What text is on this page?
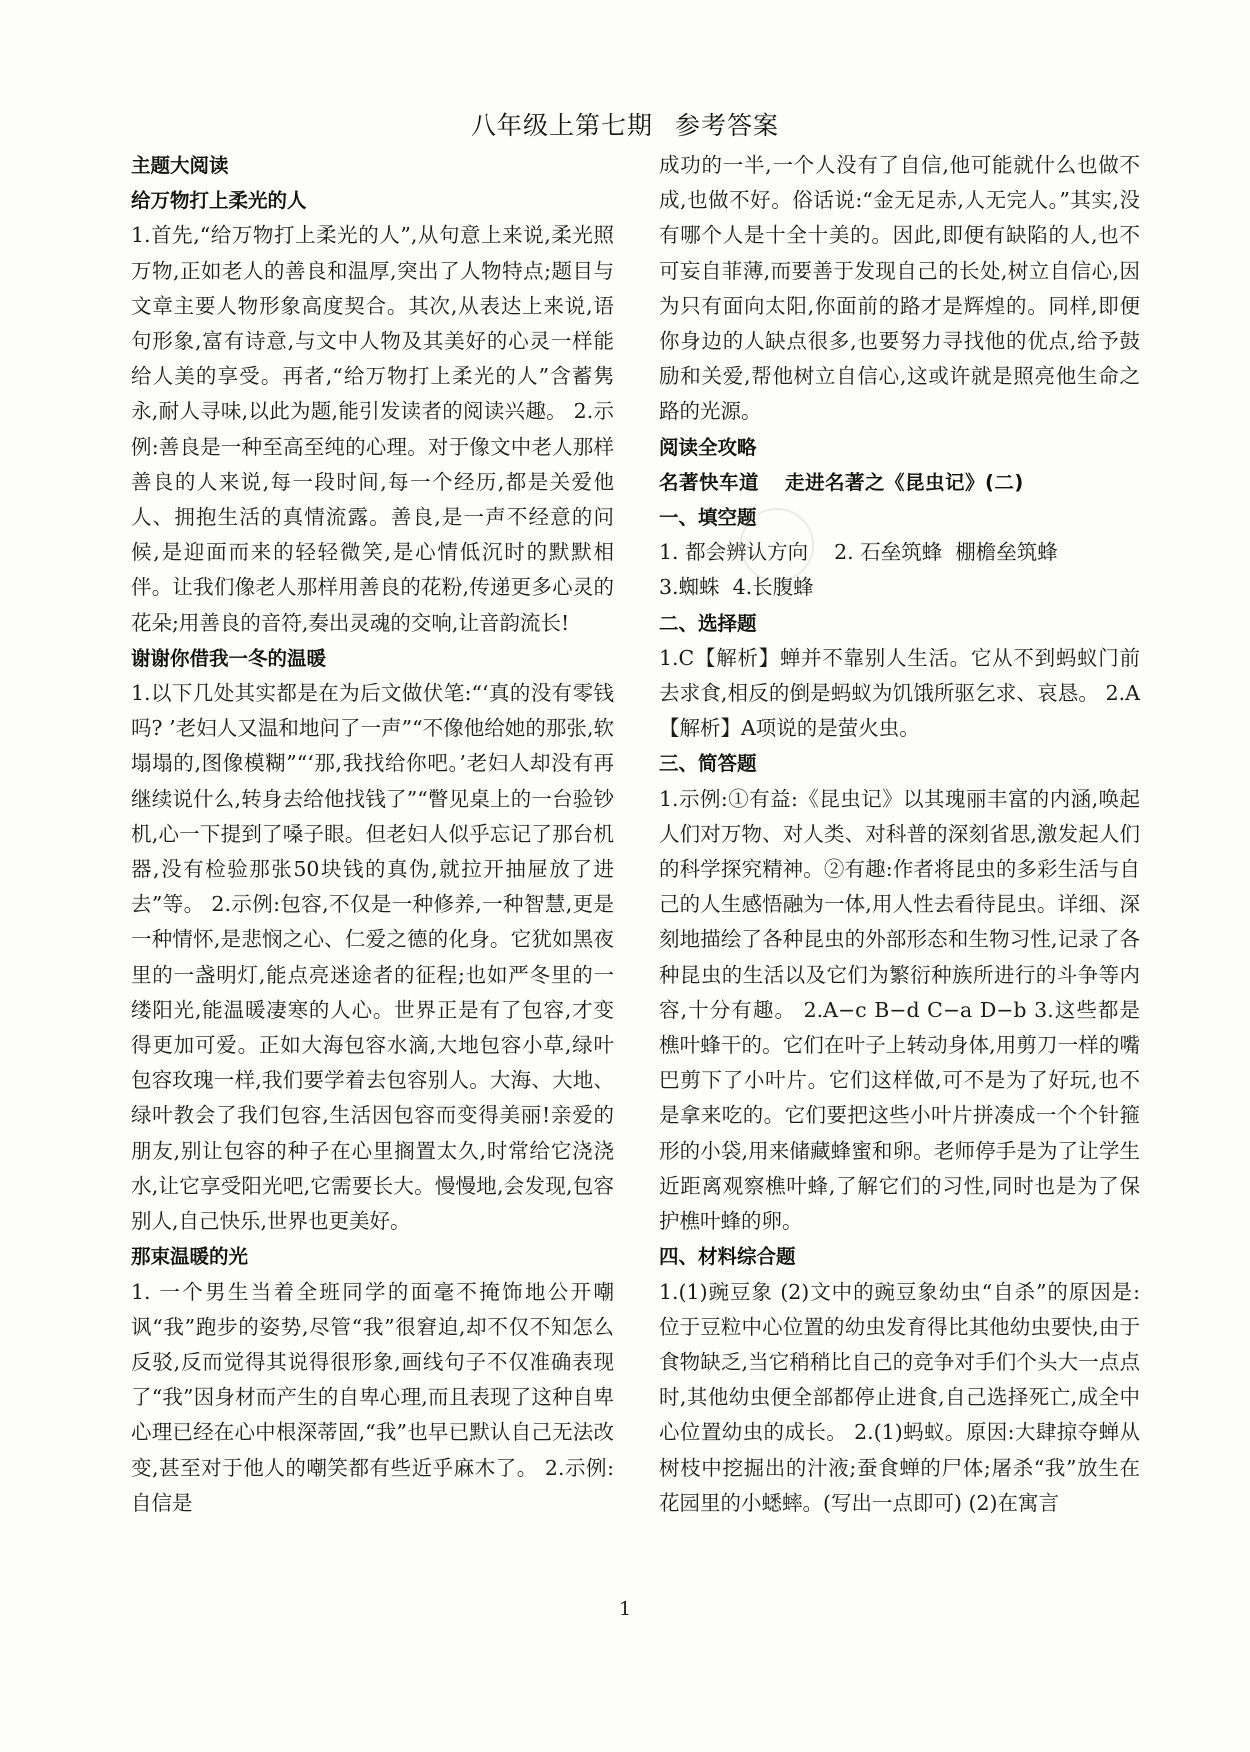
八年级上第七期 参考答案

主题大阅读

给万物打上柔光的人

1.首先,“给万物打上柔光的人”,从句意上来说,柔光照万物,正如老人的善良和温厚,突出了人物特点;题目与文章主要人物形象高度契合。其次,从表达上来说,语句形象,富有诗意,与文中人物及其美好的心灵一样能给人美的享受。再者,“给万物打上柔光的人”含蓄隽永,耐人寻味,以此为题,能引发读者的阅读兴趣。 2.示例:善良是一种至高至纯的心理。对于像文中老人那样善良的人来说,每一段时间,每一个经历,都是关爱他人、拥抱生活的真情流露。善良,是一声不经意的问候,是迎面而来的轻轻微笑,是心情低沉时的默默相伴。让我们像老人那样用善良的花粉,传递更多心灵的花朵;用善良的音符,奏出灵魂的交响,让音韵流长!

谢谢你借我一冬的温暖

1.以下几处其实都是在为后文做伏笔:“‘真的没有零钱吗? ’老妇人又温和地问了一声”“不像他给她的那张,软塌塌的,图像模糊”“‘那,我找给你吧。’老妇人却没有再继续说什么,转身去给他找钱了”“瞥见桌上的一台验钞机,心一下提到了嗓子眼。但老妇人似乎忘记了那台机器,没有检验那张50块钱的真伪,就拉开抽屉放了进去”等。 2.示例:包容,不仅是一种修养,一种智慧,更是一种情怀,是悲悯之心、仁爱之德的化身。它犹如黑夜里的一盏明灯,能点亮迷途者的征程;也如严冬里的一缕阳光,能温暖凄寒的人心。世界正是有了包容,才变得更加可爱。正如大海包容水滴,大地包容小草,绿叶包容玫瑰一样,我们要学着去包容别人。大海、大地、绿叶教会了我们包容,生活因包容而变得美丽!亲爱的朋友,别让包容的种子在心里搁置太久,时常给它浇浇水,让它享受阳光吧,它需要长大。慢慢地,会发现,包容别人,自己快乐,世界也更美好。

那束温暖的光

1. 一个男生当着全班同学的面毫不掩饰地公开嘲讽“我”跑步的姿势,尽管“我”很窘迫,却不仅不知怎么反驳,反而觉得其说得很形象,画线句子不仅准确表现了“我”因身材而产生的自卑心理,而且表现了这种自卑心理已经在心中根深蒂固,“我”也早已默认自己无法改变,甚至对于他人的嘲笑都有些近乎麻木了。 2.示例:自信是

成功的一半,一个人没有了自信,他可能就什么也做不成,也做不好。俗话说:“金无足赤,人无完人。”其实,没有哪个人是十全十美的。因此,即便有缺陷的人,也不可妄自菲薄,而要善于发现自己的长处,树立自信心,因为只有面向太阳,你面前的路才是辉煌的。同样,即便你身边的人缺点很多,也要努力寻找他的优点,给予鼓励和关爱,帮他树立自信心,这或许就是照亮他生命之路的光源。

阅读全攻略

名著快车道 走进名著之《昆虫记》(二)

一、填空题

1. 都会辨认方向    2. 石垒筑蜂  棚檐垒筑蜂

3.蜘蛛  4.长腹蜂

二、选择题

1.C【解析】蝉并不靠别人生活。它从不到蚂蚁门前去求食,相反的倒是蚂蚁为饥饿所驱乞求、哀恳。 2.A【解析】A项说的是萤火虫。

三、简答题

1.示例:①有益:《昆虫记》以其瑰丽丰富的内涵,唤起人们对万物、对人类、对科普的深刻省思,激发起人们的科学探究精神。②有趣:作者将昆虫的多彩生活与自己的人生感悟融为一体,用人性去看待昆虫。详细、深刻地描绘了各种昆虫的外部形态和生物习性,记录了各种昆虫的生活以及它们为繁衍种族所进行的斗争等内容,十分有趣。 2.A−c B−d C−a D−b 3.这些都是樵叶蜂干的。它们在叶子上转动身体,用剪刀一样的嘴巴剪下了小叶片。它们这样做,可不是为了好玩,也不是拿来吃的。它们要把这些小叶片拼凑成一个个针箍形的小袋,用来储藏蜂蜜和卵。老师停手是为了让学生近距离观察樵叶蜂,了解它们的习性,同时也是为了保护樵叶蜂的卵。

四、材料综合题

1.(1)豌豆象 (2)文中的豌豆象幼虫“自杀”的原因是:位于豆粒中心位置的幼虫发育得比其他幼虫要快,由于食物缺乏,当它稍稍比自己的竞争对手们个头大一点点时,其他幼虫便全部都停止进食,自己选择死亡,成全中心位置幼虫的成长。 2.(1)蚂蚁。原因:大肆掠夺蝉从树枝中挖掘出的汁液;蚕食蝉的尸体;屠杀“我”放生在花园里的小蟋蟀。(写出一点即可) (2)在寓言

1
